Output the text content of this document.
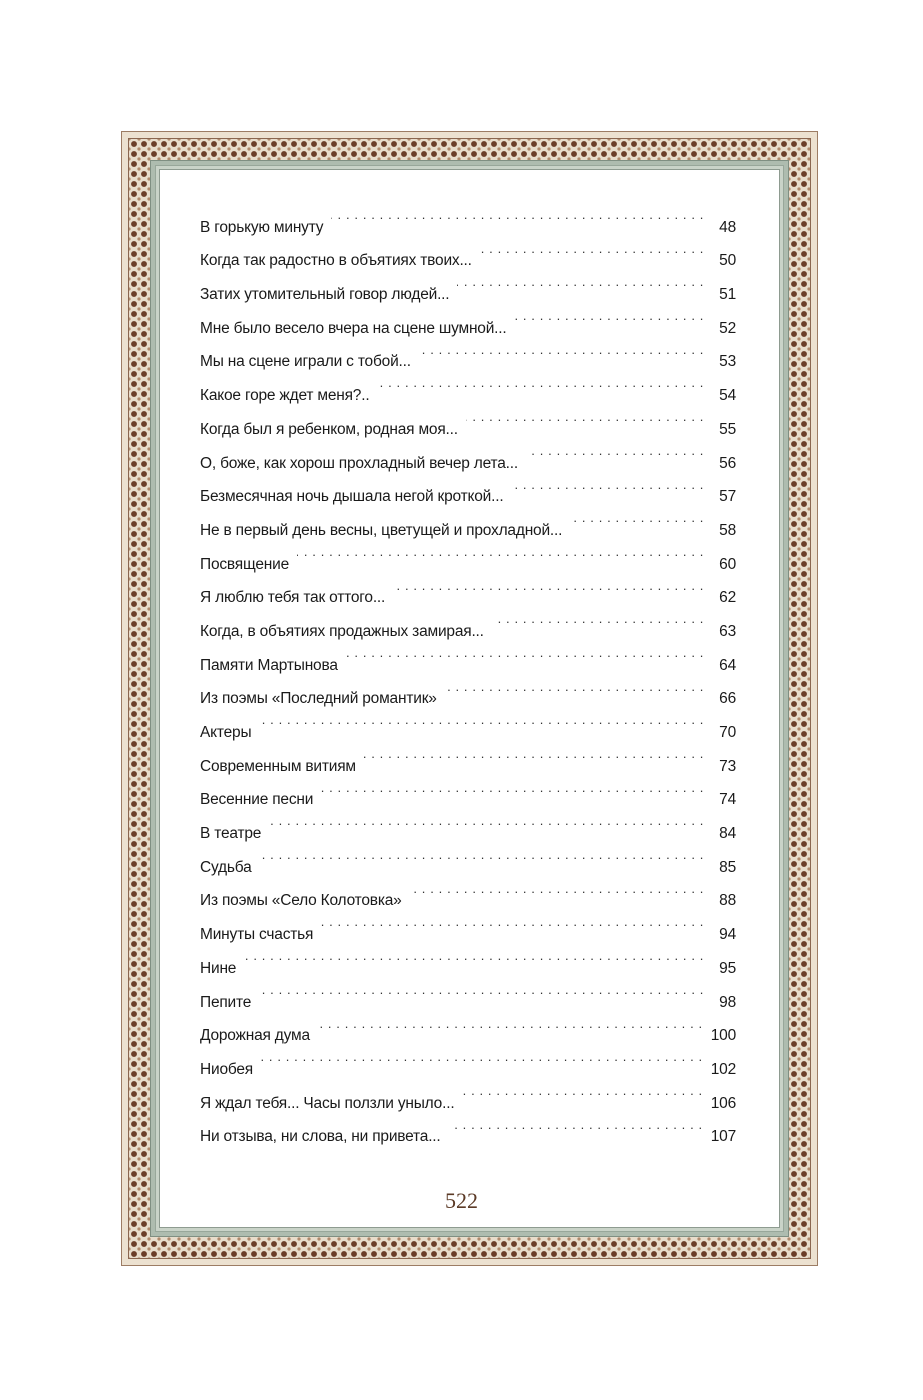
В горькую минуту . . .	48
Когда так радостно в объятиях твоих... . . .	50
Затих утомительный говор людей... . . .	51
Мне было весело вчера на сцене шумной... . . .	52
Мы на сцене играли с тобой... . . .	53
Какое горе ждет меня?.. . . .	54
Когда был я ребенком, родная моя... . . .	55
О, боже, как хорош прохладный вечер лета... . . .	56
Безмесячная ночь дышала негой кроткой... . . .	57
Не в первый день весны, цветущей и прохладной... . . .	58
Посвящение . . .	60
Я люблю тебя так оттого... . . .	62
Когда, в объятиях продажных замирая... . . .	63
Памяти Мартынова . . .	64
Из поэмы «Последний романтик» . . .	66
Актеры . . .	70
Современным витиям . . .	73
Весенние песни . . .	74
В театре . . .	84
Судьба . . .	85
Из поэмы «Село Колотовка» . . .	88
Минуты счастья . . .	94
Нине . . .	95
Пепите . . .	98
Дорожная дума . . .	100
Ниобея . . .	102
Я ждал тебя... Часы ползли уныло... . . .	106
Ни отзыва, ни слова, ни привета... . . .	107
522
